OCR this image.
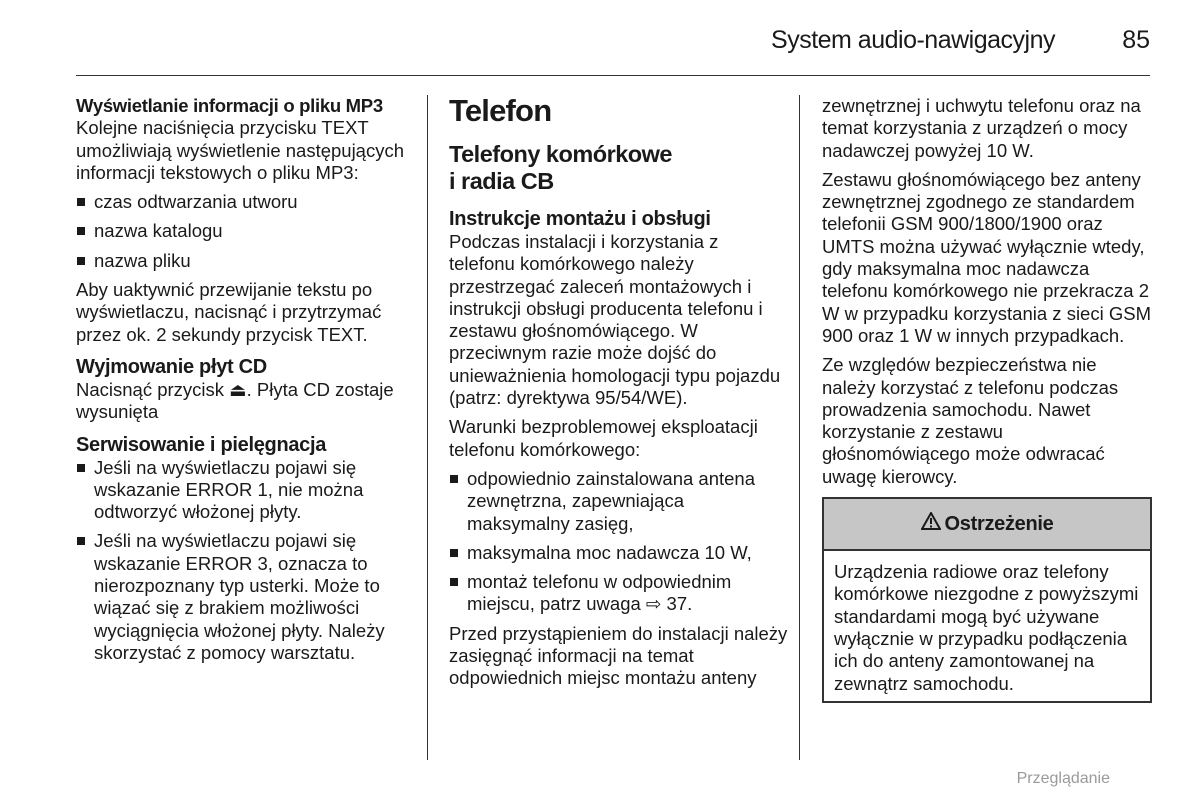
System audio-nawigacyjny	85
Wyświetlanie informacji o pliku MP3

Kolejne naciśnięcia przycisku TEXT umożliwiają wyświetlenie następujących informacji tekstowych o pliku MP3:

czas odtwarzania utworu
nazwa katalogu
nazwa pliku

Aby uaktywnić przewijanie tekstu po wyświetlaczu, nacisnąć i przytrzymać przez ok. 2 sekundy przycisk TEXT.

Wyjmowanie płyt CD

Nacisnąć przycisk ⏏. Płyta CD zostaje wysunięta

Serwisowanie i pielęgnacja
Jeśli na wyświetlaczu pojawi się wskazanie ERROR 1, nie można odtworzyć włożonej płyty.
Jeśli na wyświetlaczu pojawi się wskazanie ERROR 3, oznacza to nierozpoznany typ usterki. Może to wiązać się z brakiem możliwości wyciągnięcia włożonej płyty. Należy skorzystać z pomocy warsztatu.
Telefon
Telefony komórkowe
i radia CB
Instrukcje montażu i obsługi

Podczas instalacji i korzystania z telefonu komórkowego należy przestrzegać zaleceń montażowych i instrukcji obsługi producenta telefonu i zestawu głośnomówiącego. W przeciwnym razie może dojść do unieważnienia homologacji typu pojazdu (patrz: dyrektywa 95/54/WE).

Warunki bezproblemowej eksploatacji telefonu komórkowego:

odpowiednio zainstalowana antena zewnętrzna, zapewniająca maksymalny zasięg,
maksymalna moc nadawcza 10 W,
montaż telefonu w odpowiednim miejscu, patrz uwaga ⇨ 37.

Przed przystąpieniem do instalacji należy zasięgnąć informacji na temat odpowiednich miejsc montażu anteny

zewnętrznej i uchwytu telefonu oraz na temat korzystania z urządzeń o mocy nadawczej powyżej 10 W.

Zestawu głośnomówiącego bez anteny zewnętrznej zgodnego ze standardem telefonii GSM 900/1800/1900 oraz UMTS można używać wyłącznie wtedy, gdy maksymalna moc nadawcza telefonu komórkowego nie przekracza 2 W w przypadku korzystania z sieci GSM 900 oraz 1 W w innych przypadkach.

Ze względów bezpieczeństwa nie należy korzystać z telefonu podczas prowadzenia samochodu. Nawet korzystanie z zestawu głośnomówiącego może odwracać uwagę kierowcy.

Ostrzeżenie

Urządzenia radiowe oraz telefony komórkowe niezgodne z powyższymi standardami mogą być używane wyłącznie w przypadku podłączenia ich do anteny zamontowanej na zewnątrz samochodu.

Przeglądanie
